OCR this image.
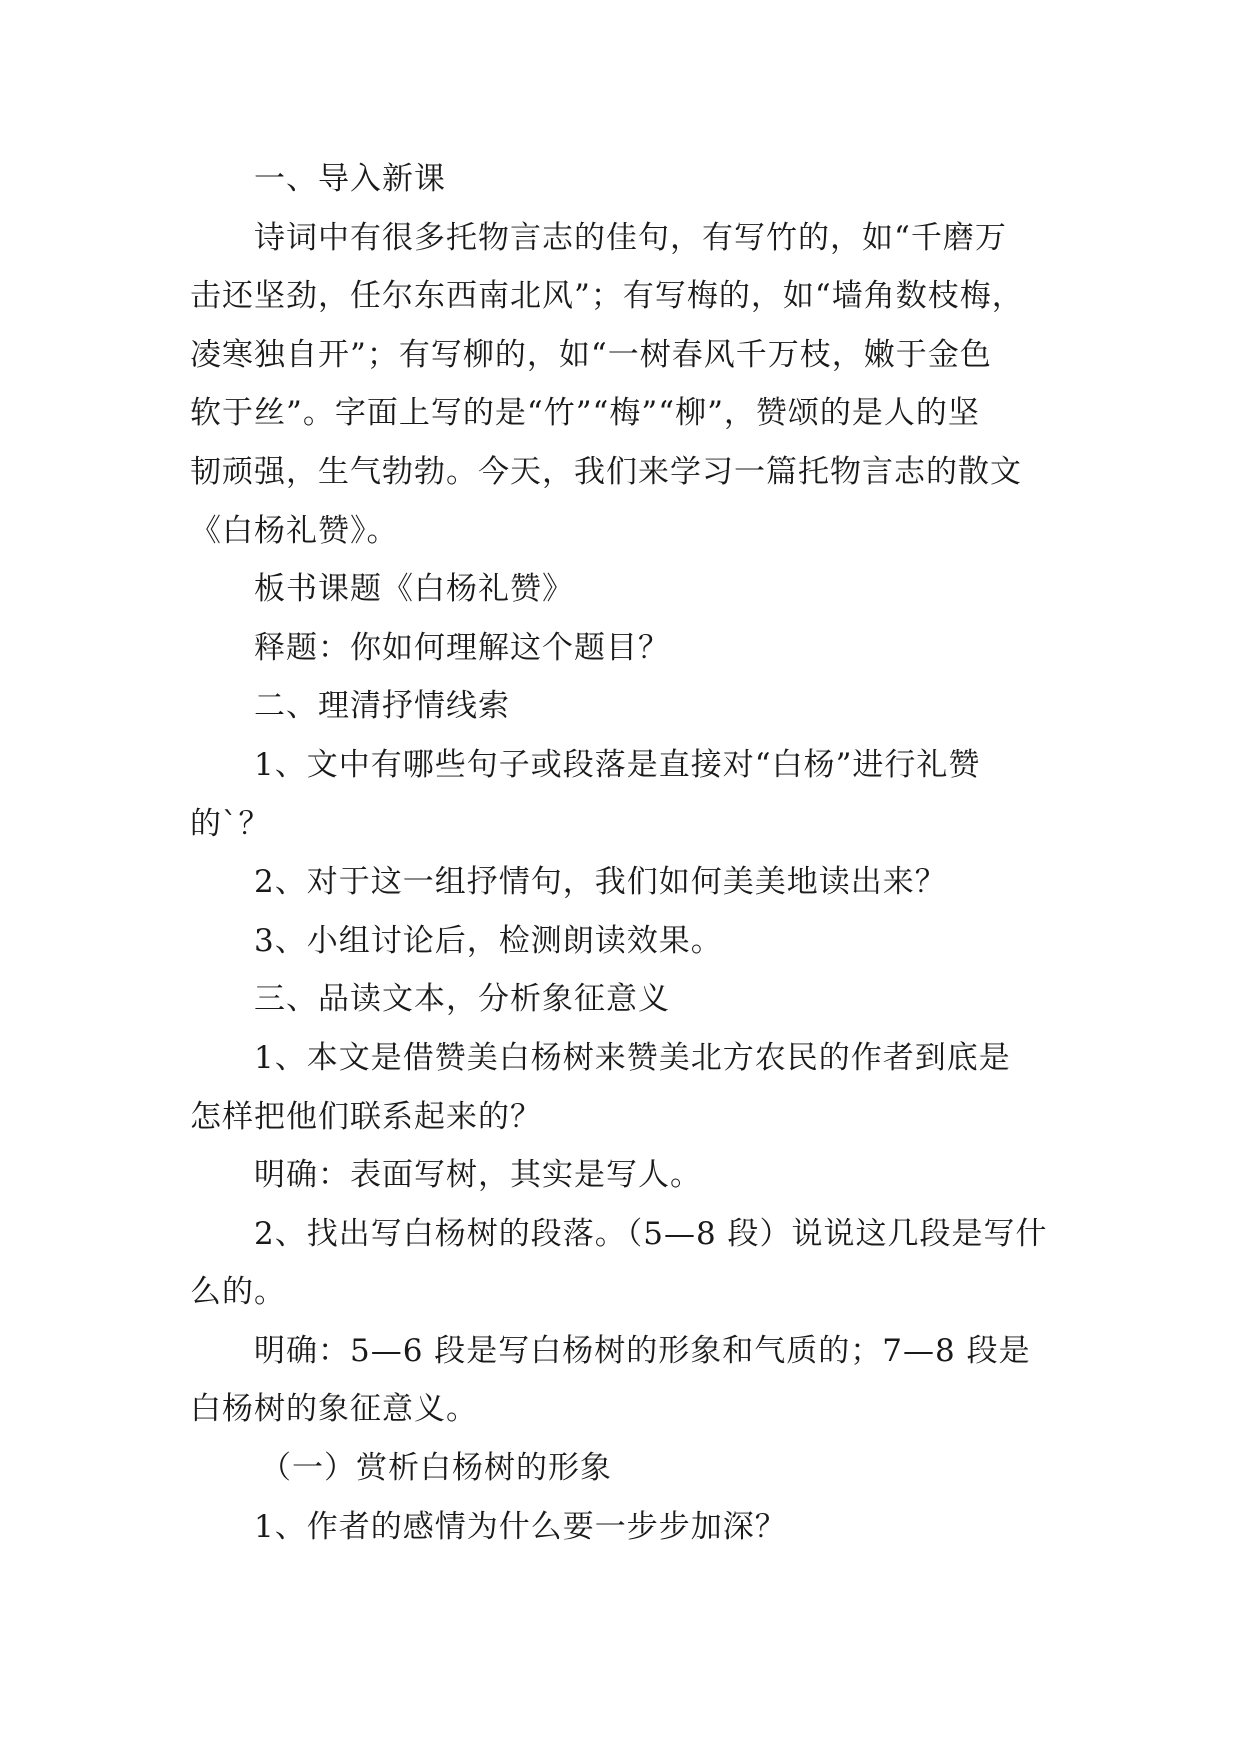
一、导入新课

诗词中有很多托物言志的佳句，有写竹的，如“千磨万

击还坚劲，任尔东西南北风”；有写梅的，如“墙角数枝梅，

凌寒独自开”；有写柳的，如“一树春风千万枝，嫩于金色

软于丝”。字面上写的是“竹”“梅”“柳”，赞颂的是人的坚

韧顽强，生气勃勃。今天，我们来学习一篇托物言志的散文

《白杨礼赞》。

板书课题《白杨礼赞》

释题：你如何理解这个题目？

二、理清抒情线索

1、文中有哪些句子或段落是直接对“白杨”进行礼赞

的`？

2、对于这一组抒情句，我们如何美美地读出来？

3、小组讨论后，检测朗读效果。

三、品读文本，分析象征意义

1、本文是借赞美白杨树来赞美北方农民的作者到底是

怎样把他们联系起来的？

明确：表面写树，其实是写人。

2、找出写白杨树的段落。（5—8 段）说说这几段是写什

么的。

明确：5—6 段是写白杨树的形象和气质的；7—8 段是

白杨树的象征意义。

（一）赏析白杨树的形象

1、作者的感情为什么要一步步加深？
